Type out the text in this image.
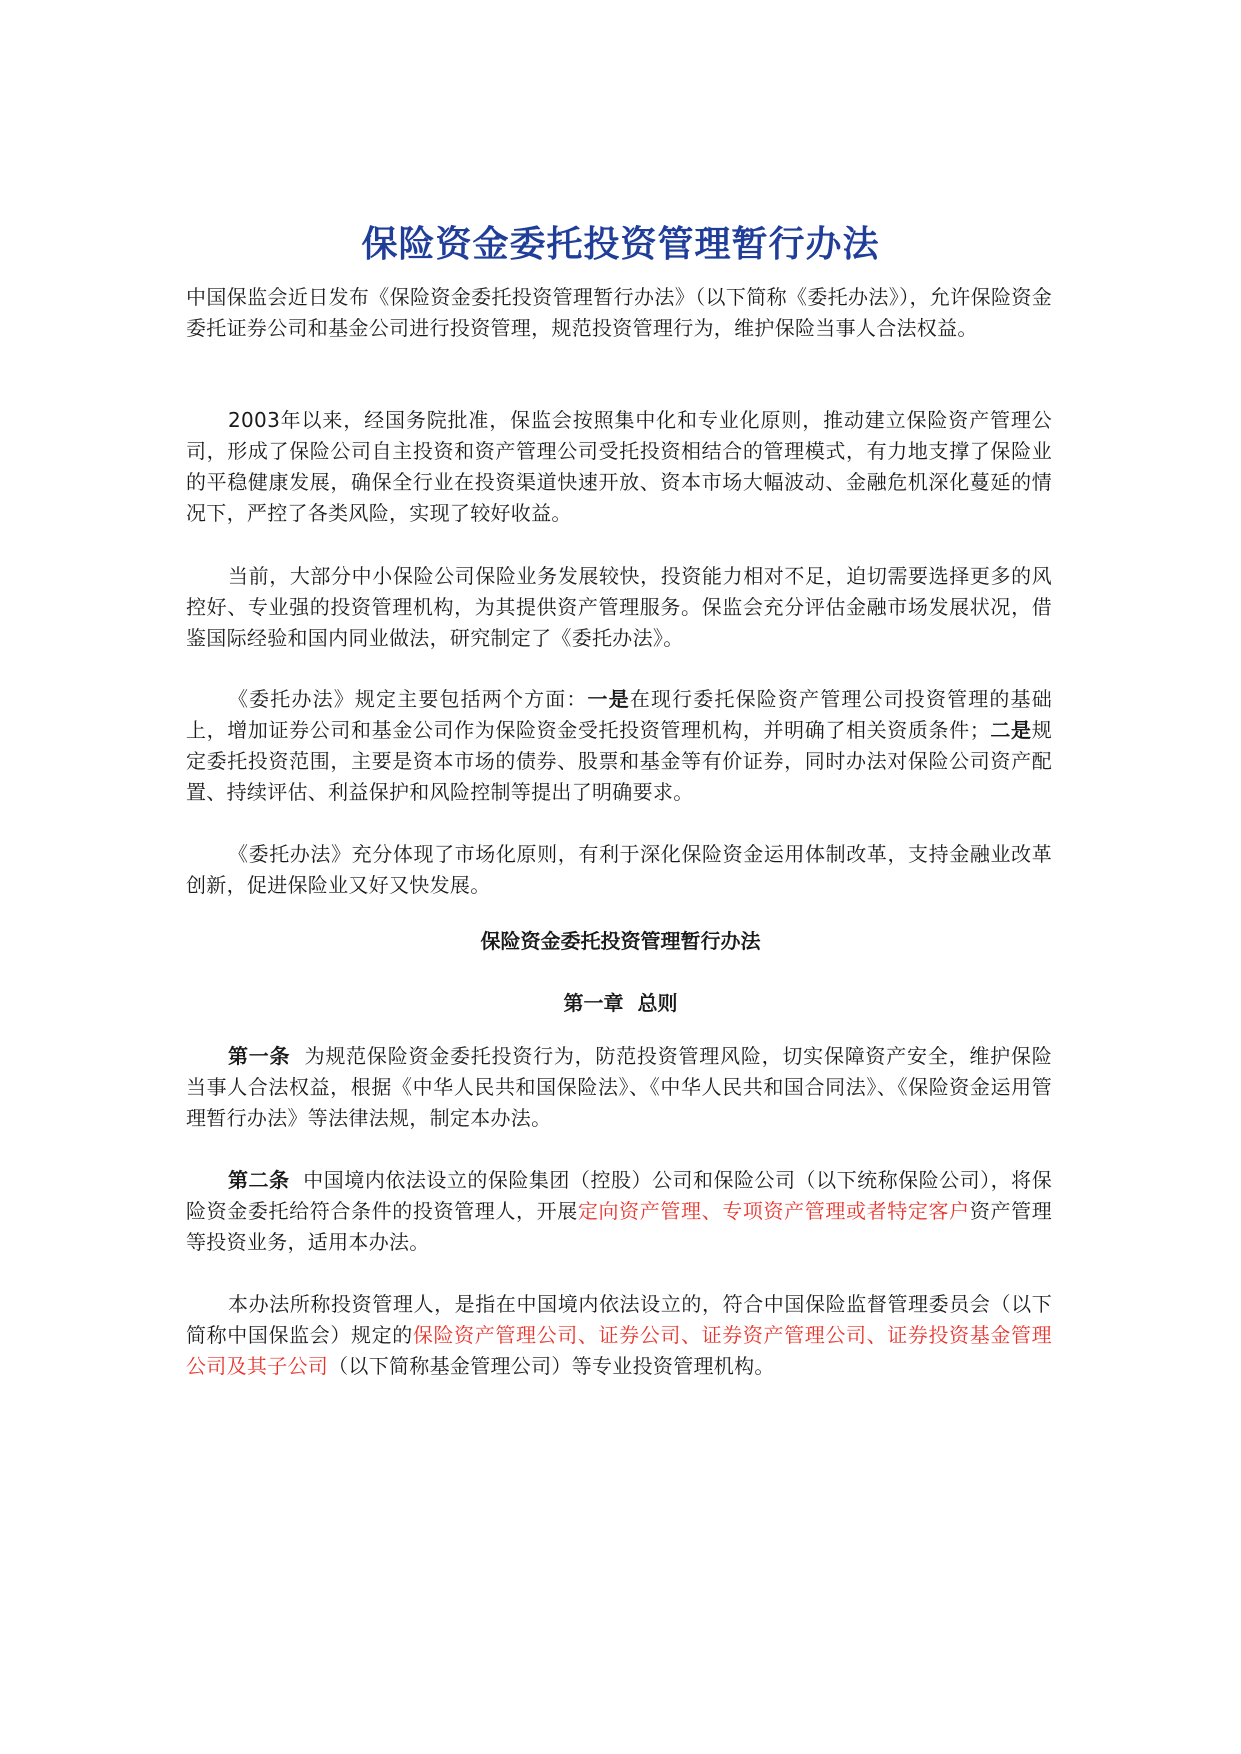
保险资金委托投资管理暂行办法

中国保监会近日发布《保险资金委托投资管理暂行办法》（以下简称《委托办法》），允许保险资金委托证券公司和基金公司进行投资管理，规范投资管理行为，维护保险当事人合法权益。

2003年以来，经国务院批准，保监会按照集中化和专业化原则，推动建立保险资产管理公司，形成了保险公司自主投资和资产管理公司受托投资相结合的管理模式，有力地支撑了保险业的平稳健康发展，确保全行业在投资渠道快速开放、资本市场大幅波动、金融危机深化蔓延的情况下，严控了各类风险，实现了较好收益。

当前，大部分中小保险公司保险业务发展较快，投资能力相对不足，迫切需要选择更多的风控好、专业强的投资管理机构，为其提供资产管理服务。保监会充分评估金融市场发展状况，借鉴国际经验和国内同业做法，研究制定了《委托办法》。

《委托办法》规定主要包括两个方面：一是在现行委托保险资产管理公司投资管理的基础上，增加证券公司和基金公司作为保险资金受托投资管理机构，并明确了相关资质条件；二是规定委托投资范围，主要是资本市场的债券、股票和基金等有价证券，同时办法对保险公司资产配置、持续评估、利益保护和风险控制等提出了明确要求。

《委托办法》充分体现了市场化原则，有利于深化保险资金运用体制改革，支持金融业改革创新，促进保险业又好又快发展。

保险资金委托投资管理暂行办法
第一章  总则

第一条  为规范保险资金委托投资行为，防范投资管理风险，切实保障资产安全，维护保险当事人合法权益，根据《中华人民共和国保险法》、《中华人民共和国合同法》、《保险资金运用管理暂行办法》等法律法规，制定本办法。

第二条  中国境内依法设立的保险集团（控股）公司和保险公司（以下统称保险公司），将保险资金委托给符合条件的投资管理人，开展定向资产管理、专项资产管理或者特定客户资产管理等投资业务，适用本办法。

本办法所称投资管理人，是指在中国境内依法设立的，符合中国保险监督管理委员会（以下简称中国保监会）规定的保险资产管理公司、证券公司、证券资产管理公司、证券投资基金管理公司及其子公司（以下简称基金管理公司）等专业投资管理机构。
